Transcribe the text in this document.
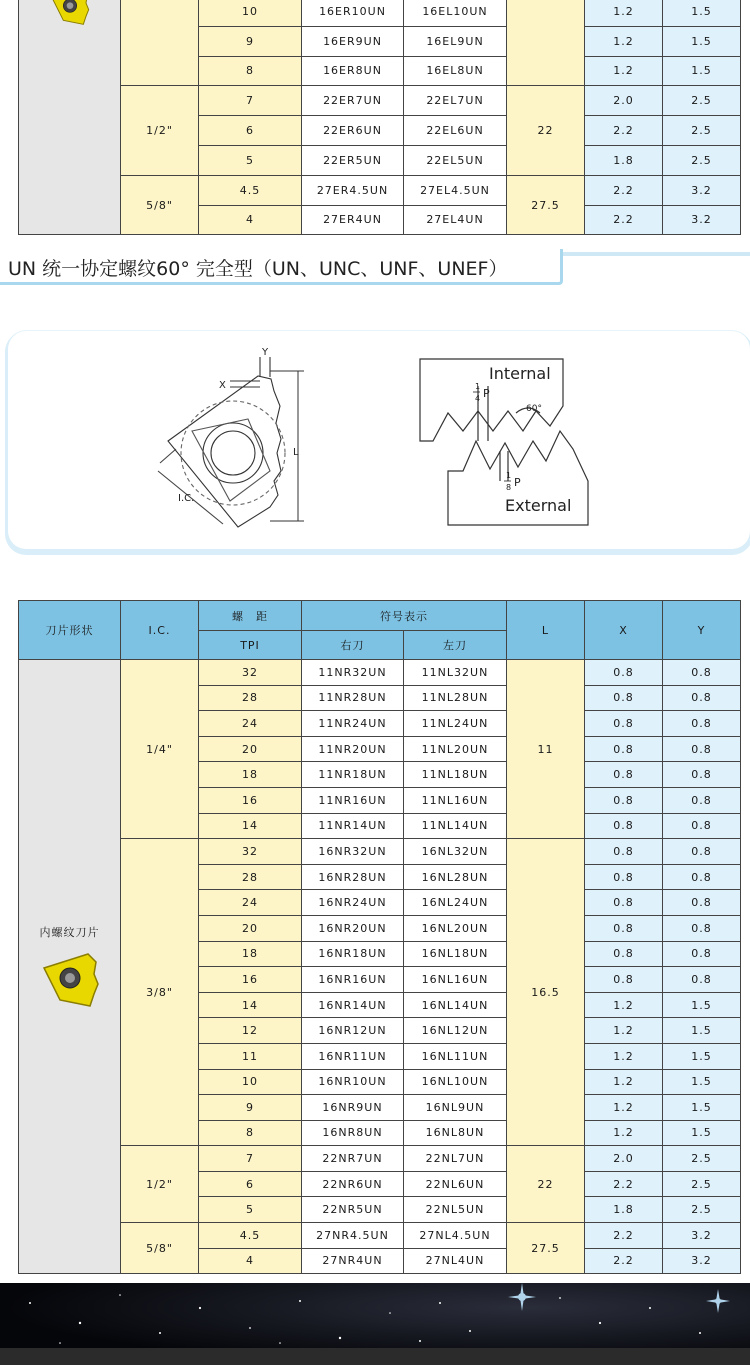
		10	16ER10UN	16EL10UN		1.2	1.5
		9	16ER9UN	16EL9UN		1.2	1.5
		8	16ER8UN	16EL8UN		1.2	1.5
	1/2"	7	22ER7UN	22EL7UN	22	2.0	2.5
		6	22ER6UN	22EL6UN		2.2	2.5
		5	22ER5UN	22EL5UN		1.8	2.5
	5/8"	4.5	27ER4.5UN	27EL4.5UN	27.5	2.2	3.2
		4	27ER4UN	27EL4UN		2.2	3.2
UN 统一协定螺纹60° 完全型（UN、UNC、UNF、UNEF）
Y
X
L
I.C.
Internal
External
60°
1
4 P
1
8 P
刀片形状	I.C.	螺　距	符号表示		L	X	Y
		TPI	右刀	左刀			

内螺纹刀片	1/4"	32	11NR32UN	11NL32UN	11	0.8	0.8
		28	11NR28UN	11NL28UN		0.8	0.8
		24	11NR24UN	11NL24UN		0.8	0.8
		20	11NR20UN	11NL20UN		0.8	0.8
		18	11NR18UN	11NL18UN		0.8	0.8
		16	11NR16UN	11NL16UN		0.8	0.8
		14	11NR14UN	11NL14UN		0.8	0.8
	3/8"	32	16NR32UN	16NL32UN	16.5	0.8	0.8
		28	16NR28UN	16NL28UN		0.8	0.8
		24	16NR24UN	16NL24UN		0.8	0.8
		20	16NR20UN	16NL20UN		0.8	0.8
		18	16NR18UN	16NL18UN		0.8	0.8
		16	16NR16UN	16NL16UN		0.8	0.8
		14	16NR14UN	16NL14UN		1.2	1.5
		12	16NR12UN	16NL12UN		1.2	1.5
		11	16NR11UN	16NL11UN		1.2	1.5
		10	16NR10UN	16NL10UN		1.2	1.5
		9	16NR9UN	16NL9UN		1.2	1.5
		8	16NR8UN	16NL8UN		1.2	1.5
	1/2"	7	22NR7UN	22NL7UN	22	2.0	2.5
		6	22NR6UN	22NL6UN		2.2	2.5
		5	22NR5UN	22NL5UN		1.8	2.5
	5/8"	4.5	27NR4.5UN	27NL4.5UN	27.5	2.2	3.2
		4	27NR4UN	27NL4UN		2.2	3.2
